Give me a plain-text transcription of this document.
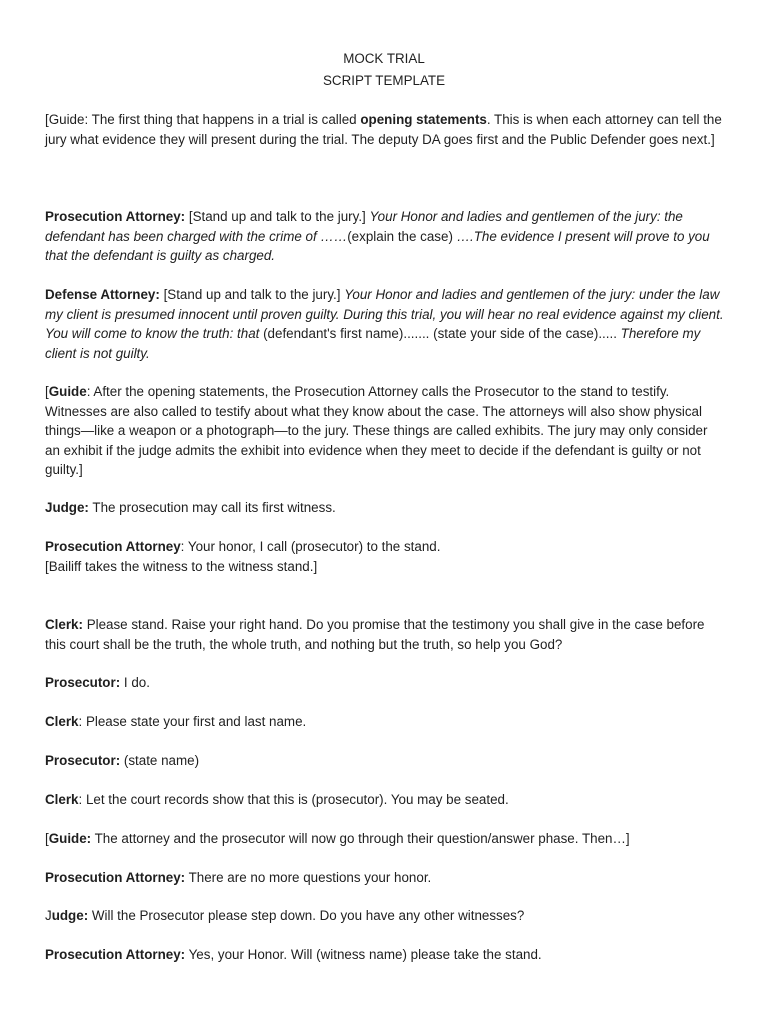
MOCK TRIAL
SCRIPT TEMPLATE
[Guide: The first thing that happens in a trial is called opening statements. This is when each attorney can tell the jury what evidence they will present during the trial. The deputy DA goes first and the Public Defender goes next.]
Prosecution Attorney: [Stand up and talk to the jury.] Your Honor and ladies and gentlemen of the jury: the defendant has been charged with the crime of ……(explain the case) ….The evidence I present will prove to you that the defendant is guilty as charged.
Defense Attorney: [Stand up and talk to the jury.] Your Honor and ladies and gentlemen of the jury: under the law my client is presumed innocent until proven guilty. During this trial, you will hear no real evidence against my client. You will come to know the truth: that (defendant's first name)....... (state your side of the case)..... Therefore my client is not guilty.
[Guide: After the opening statements, the Prosecution Attorney calls the Prosecutor to the stand to testify. Witnesses are also called to testify about what they know about the case. The attorneys will also show physical things—like a weapon or a photograph—to the jury. These things are called exhibits. The jury may only consider an exhibit if the judge admits the exhibit into evidence when they meet to decide if the defendant is guilty or not guilty.]
Judge: The prosecution may call its first witness.
Prosecution Attorney: Your honor, I call (prosecutor) to the stand.
[Bailiff takes the witness to the witness stand.]
Clerk: Please stand. Raise your right hand. Do you promise that the testimony you shall give in the case before this court shall be the truth, the whole truth, and nothing but the truth, so help you God?
Prosecutor: I do.
Clerk: Please state your first and last name.
Prosecutor: (state name)
Clerk: Let the court records show that this is (prosecutor). You may be seated.
[Guide: The attorney and the prosecutor will now go through their question/answer phase. Then…]
Prosecution Attorney: There are no more questions your honor.
Judge: Will the Prosecutor please step down. Do you have any other witnesses?
Prosecution Attorney: Yes, your Honor. Will (witness name) please take the stand.
